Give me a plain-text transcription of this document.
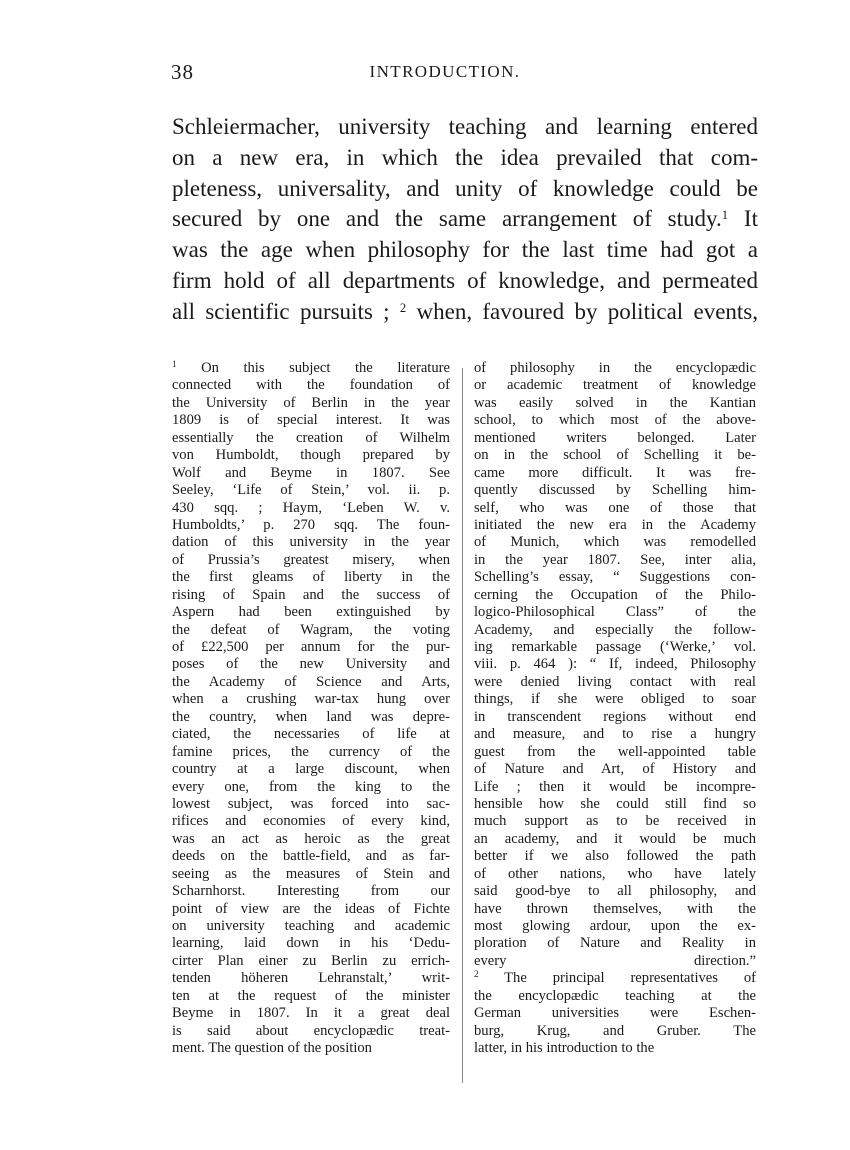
38	INTRODUCTION.
Schleiermacher, university teaching and learning entered
on a new era, in which the idea prevailed that com-
pleteness, universality, and unity of knowledge could be
secured by one and the same arrangement of study.$^1$ It
was the age when philosophy for the last time had got a
firm hold of all departments of knowledge, and permeated
all scientific pursuits ; $^2$ when, favoured by political events,
$^1$ On this subject the literature
connected with the foundation of
the University of Berlin in the year
1809 is of special interest. It was
essentially the creation of Wilhelm
von Humboldt, though prepared by
Wolf and Beyme in 1807. See
Seeley, ‘Life of Stein,’ vol. ii. p.
430 sqq. ; Haym, ‘Leben W. v.
Humboldts,’ p. 270 sqq. The foun-
dation of this university in the year
of Prussia’s greatest misery, when
the first gleams of liberty in the
rising of Spain and the success of
Aspern had been extinguished by
the defeat of Wagram, the voting
of £22,500 per annum for the pur-
poses of the new University and
the Academy of Science and Arts,
when a crushing war-tax hung over
the country, when land was depre-
ciated, the necessaries of life at
famine prices, the currency of the
country at a large discount, when
every one, from the king to the
lowest subject, was forced into sac-
rifices and economies of every kind,
was an act as heroic as the great
deeds on the battle-field, and as far-
seeing as the measures of Stein and
Scharnhorst. Interesting from our
point of view are the ideas of Fichte
on university teaching and academic
learning, laid down in his ‘Dedu-
cirter Plan einer zu Berlin zu errich-
tenden höheren Lehranstalt,’ writ-
ten at the request of the minister
Beyme in 1807. In it a great deal
is said about encyclopædic treat-
ment. The question of the position
of philosophy in the encyclopædic
or academic treatment of knowledge
was easily solved in the Kantian
school, to which most of the above-
mentioned writers belonged. Later
on in the school of Schelling it be-
came more difficult. It was fre-
quently discussed by Schelling him-
self, who was one of those that
initiated the new era in the Academy
of Munich, which was remodelled
in the year 1807. See, inter alia,
Schelling’s essay, “ Suggestions con-
cerning the Occupation of the Philo-
logico-Philosophical Class” of the
Academy, and especially the follow-
ing remarkable passage (‘Werke,’ vol.
viii. p. 464 ): “ If, indeed, Philosophy
were denied living contact with real
things, if she were obliged to soar
in transcendent regions without end
and measure, and to rise a hungry
guest from the well-appointed table
of Nature and Art, of History and
Life ; then it would be incompre-
hensible how she could still find so
much support as to be received in
an academy, and it would be much
better if we also followed the path
of other nations, who have lately
said good-bye to all philosophy, and
have thrown themselves, with the
most glowing ardour, upon the ex-
ploration of Nature and Reality in
every direction.”
$^2$ The principal representatives of
the encyclopædic teaching at the
German universities were Eschen-
burg, Krug, and Gruber. The
latter, in his introduction to the
